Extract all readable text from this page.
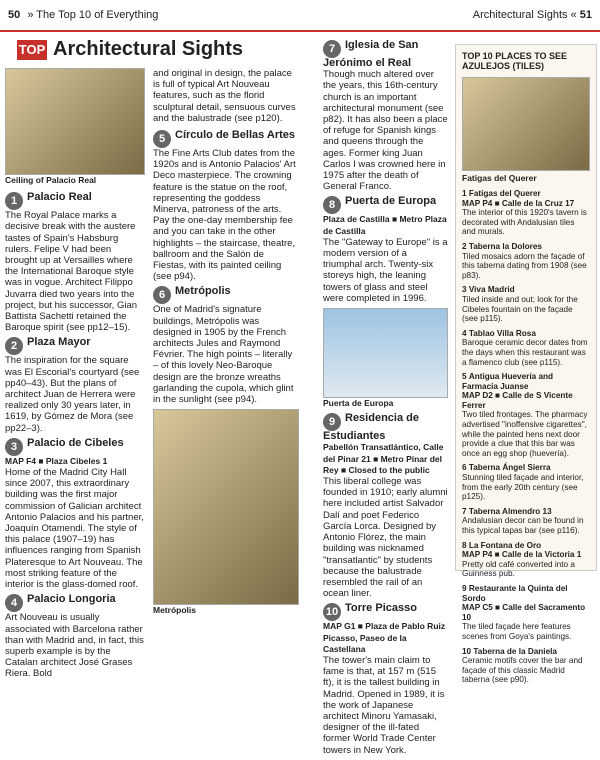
50 » The Top 10 of Everything	Architectural Sights « 51
TOP Architectural Sights
Ceiling of Palacio Real
1 Palacio Real
The Royal Palace marks a decisive break with the austere tastes of Spain's Habsburg rulers. Felipe V had been brought up at Versailles where the International Baroque style was in vogue. Architect Filippo Juvarra died two years into the project, but his successor, Gian Battista Sachetti retained the Baroque spirit (see pp12–15).
2 Plaza Mayor
The inspiration for the square was El Escorial's courtyard (see pp40–43). But the plans of architect Juan de Herrera were realized only 30 years later, in 1619, by Gómez de Mora (see pp22–3).
3 Palacio de Cibeles
MAP F4 ■ Plaza Cibeles 1
Home of the Madrid City Hall since 2007, this extraordinary building was the first major commission of Galician architect Antonio Palacios and his partner, Joaquín Otamendi. The style of this palace (1907–19) has influences ranging from Spanish Plateresque to Art Nouveau. The most striking feature of the interior is the glass-domed roof.
4 Palacio Longoria
Art Nouveau is usually associated with Barcelona rather than with Madrid and, in fact, this superb example is by the Catalan architect José Grases Riera. Bold
and original in design, the palace is full of typical Art Nouveau features, such as the florid sculptural detail, sensuous curves and the balustrade (see p120).
5 Círculo de Bellas Artes
The Fine Arts Club dates from the 1920s and is Antonio Palacios' Art Deco masterpiece. The crowning feature is the statue on the roof, representing the goddess Minerva, patroness of the arts. Pay the one-day membership fee and you can take in the other highlights – the staircase, theatre, ballroom and the Salón de Fiestas, with its painted ceiling (see p94).
6 Metrópolis
One of Madrid's signature buildings, Metrópolis was designed in 1905 by the French architects Jules and Raymond Février. The high points – literally – of this lovely Neo-Baroque design are the bronze wreaths garlanding the cupola, which glint in the sunlight (see p94).
Metrópolis
7 Iglesia de San Jerónimo el Real
Though much altered over the years, this 16th-century church is an important architectural monument (see p82). It has also been a place of refuge for Spanish kings and queens through the ages. Former king Juan Carlos I was crowned here in 1975 after the death of General Franco.
8 Puerta de Europa
Plaza de Castilla ■ Metro Plaza de Castilla
The "Gateway to Europe" is a modern version of a triumphal arch. Twenty-six storeys high, the leaning towers of glass and steel were completed in 1996.
Puerta de Europa
9 Residencia de Estudiantes
Pabellón Transatlántico, Calle del Pinar 21 ■ Metro Pinar del Rey ■ Closed to the public
This liberal college was founded in 1910; early alumni here included artist Salvador Dalí and poet Federico García Lorca. Designed by Antonio Flórez, the main building was nicknamed "transatlantic" by students because the balustrade resembled the rail of an ocean liner.
10 Torre Picasso
MAP G1 ■ Plaza de Pablo Ruiz Picasso, Paseo de la Castellana
The tower's main claim to fame is that, at 157 m (515 ft), it is the tallest building in Madrid. Opened in 1989, it is the work of Japanese architect Minoru Yamasaki, designer of the ill-fated former World Trade Center towers in New York.
TOP 10 PLACES TO SEE AZULEJOS (TILES)
Fatigas del Querer
1 Fatigas del Querer
MAP P4 ■ Calle de la Cruz 17
The interior of this 1920's tavern is decorated with Andalusian tiles and murals.
2 Taberna la Dolores
Tiled mosaics adorn the façade of this taberna dating from 1908 (see p83).
3 Viva Madrid
Tiled inside and out; look for the Cibeles fountain on the façade (see p115).
4 Tablao Villa Rosa
Baroque ceramic decor dates from the days when this restaurant was a flamenco club (see p115).
5 Antigua Huevería and Farmacia Juanse
MAP D2 ■ Calle de S Vicente Ferrer
Two tiled frontages. The pharmacy advertised "inoffensive cigarettes", while the painted hens next door provide a clue that this bar was once an egg shop (huevería).
6 Taberna Ángel Sierra
Stunning tiled façade and interior, from the early 20th century (see p125).
7 Taberna Almendro 13
Andalusian decor can be found in this typical tapas bar (see p116).
8 La Fontana de Oro
MAP P4 ■ Calle de la Victoria 1
Pretty old café converted into a Guinness pub.
9 Restaurante la Quinta del Sordo
MAP C5 ■ Calle del Sacramento 10
The tiled façade here features scenes from Goya's paintings.
10 Taberna de la Daniela
Ceramic motifs cover the bar and façade of this classic Madrid taberna (see p90).
